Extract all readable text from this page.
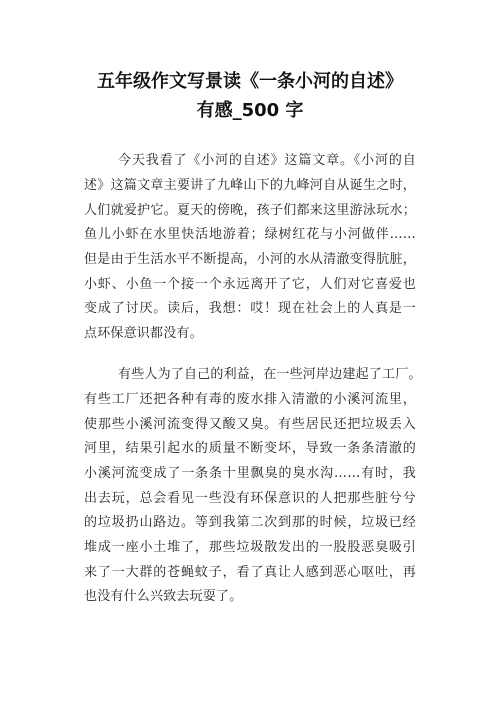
五年级作文写景读《一条小河的自述》
有感_500 字
今天我看了《小河的自述》这篇文章。《小河的自
述》这篇文章主要讲了九峰山下的九峰河自从诞生之时，
人们就爱护它。夏天的傍晚，孩子们都来这里游泳玩水；
鱼儿小虾在水里快活地游着；绿树红花与小河做伴……
但是由于生活水平不断提高，小河的水从清澈变得肮脏，
小虾、小鱼一个接一个永远离开了它，人们对它喜爱也
变成了讨厌。读后，我想：哎！现在社会上的人真是一
点环保意识都没有。
有些人为了自己的利益，在一些河岸边建起了工厂。
有些工厂还把各种有毒的废水排入清澈的小溪河流里，
使那些小溪河流变得又酸又臭。有些居民还把垃圾丢入
河里，结果引起水的质量不断变坏，导致一条条清澈的
小溪河流变成了一条条十里飘臭的臭水沟……有时，我
出去玩，总会看见一些没有环保意识的人把那些脏兮兮
的垃圾扔山路边。等到我第二次到那的时候，垃圾已经
堆成一座小土堆了，那些垃圾散发出的一股股恶臭吸引
来了一大群的苍蝇蚊子，看了真让人感到恶心呕吐，再
也没有什么兴致去玩耍了。
